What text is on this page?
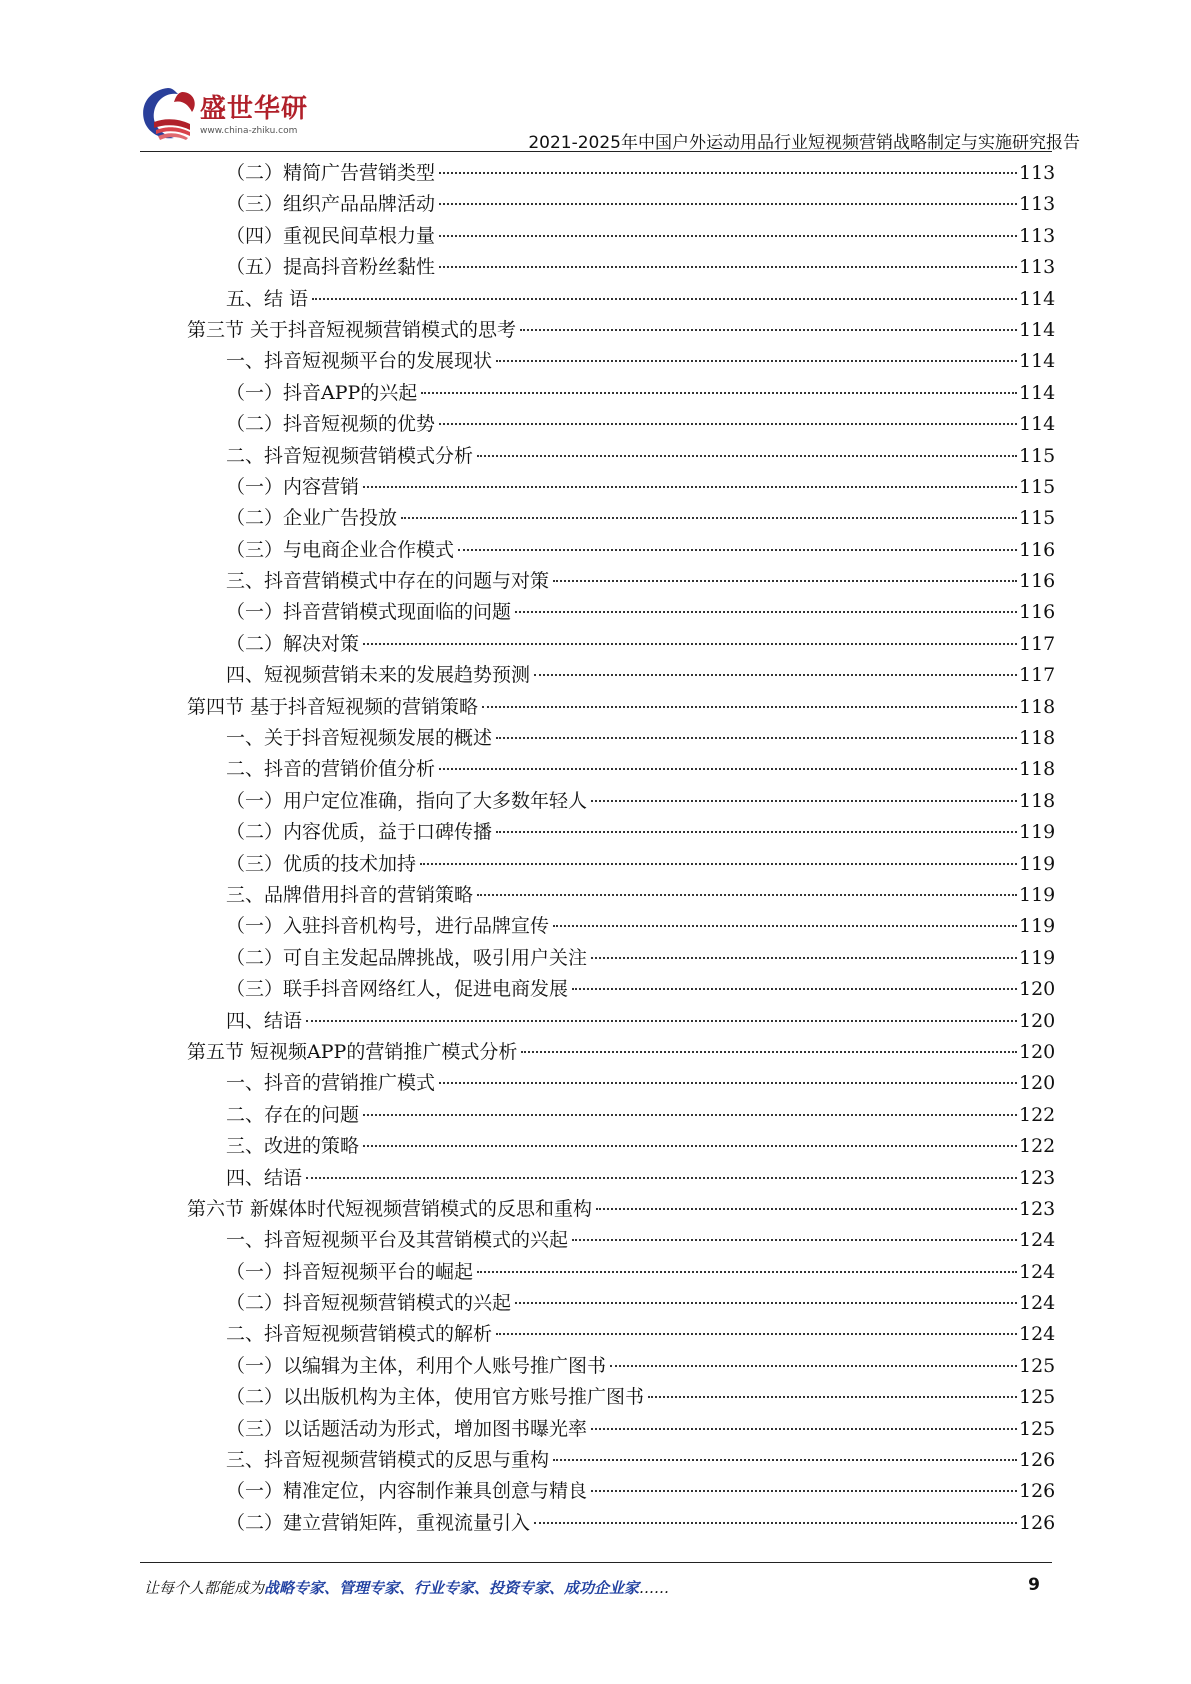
盛世华研
www.china-zhiku.com
2021-2025年中国户外运动用品行业短视频营销战略制定与实施研究报告
（二）精简广告营销类型	113
（三）组织产品品牌活动	113
（四）重视民间草根力量	113
（五）提高抖音粉丝黏性	113
五、结 语	114
第三节 关于抖音短视频营销模式的思考	114
一、抖音短视频平台的发展现状	114
（一）抖音APP的兴起	114
（二）抖音短视频的优势	114
二、抖音短视频营销模式分析	115
（一）内容营销	115
（二）企业广告投放	115
（三）与电商企业合作模式	116
三、抖音营销模式中存在的问题与对策	116
（一）抖音营销模式现面临的问题	116
（二）解决对策	117
四、短视频营销未来的发展趋势预测	117
第四节 基于抖音短视频的营销策略	118
一、关于抖音短视频发展的概述	118
二、抖音的营销价值分析	118
（一）用户定位准确，指向了大多数年轻人	118
（二）内容优质，益于口碑传播	119
（三）优质的技术加持	119
三、品牌借用抖音的营销策略	119
（一）入驻抖音机构号，进行品牌宣传	119
（二）可自主发起品牌挑战，吸引用户关注	119
（三）联手抖音网络红人，促进电商发展	120
四、结语	120
第五节 短视频APP的营销推广模式分析	120
一、抖音的营销推广模式	120
二、存在的问题	122
三、改进的策略	122
四、结语	123
第六节 新媒体时代短视频营销模式的反思和重构	123
一、抖音短视频平台及其营销模式的兴起	124
（一）抖音短视频平台的崛起	124
（二）抖音短视频营销模式的兴起	124
二、抖音短视频营销模式的解析	124
（一）以编辑为主体，利用个人账号推广图书	125
（二）以出版机构为主体，使用官方账号推广图书	125
（三）以话题活动为形式，增加图书曝光率	125
三、抖音短视频营销模式的反思与重构	126
（一）精准定位，内容制作兼具创意与精良	126
（二）建立营销矩阵，重视流量引入	126
让每个人都能成为战略专家、管理专家、行业专家、投资专家、成功企业家……	9
